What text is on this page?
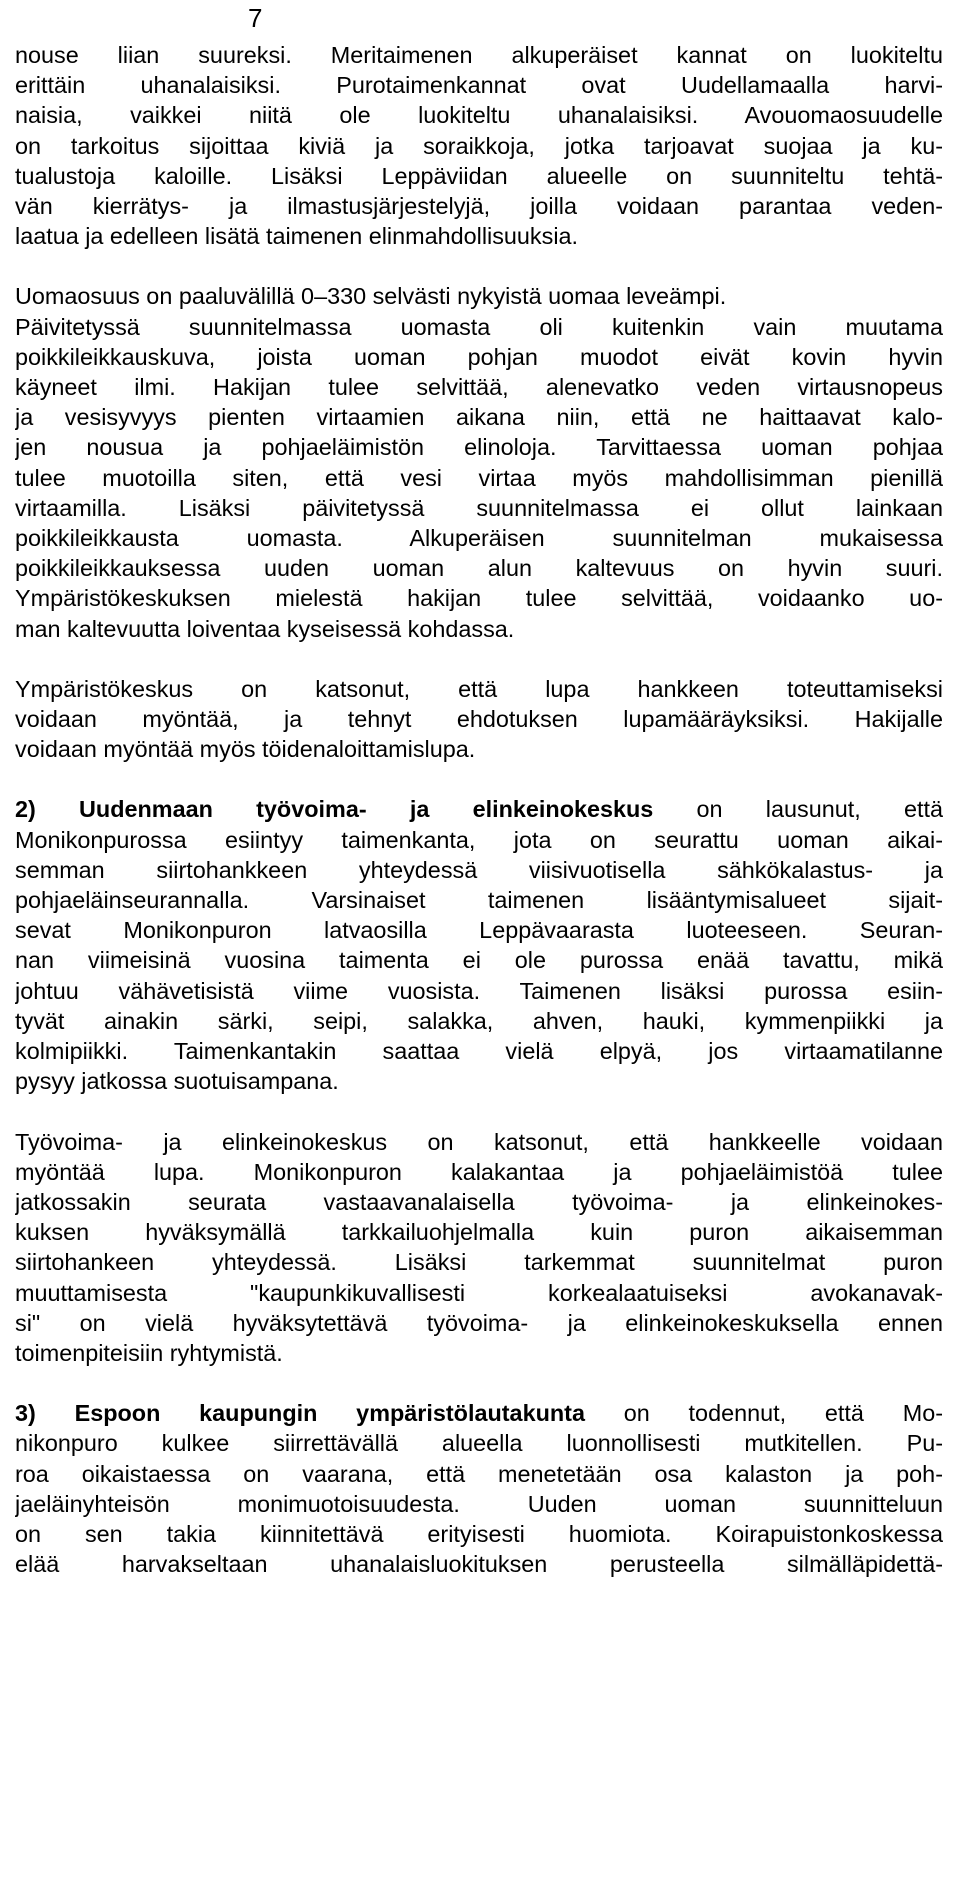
7

nouse liian suureksi. Meritaimenen alkuperäiset kannat on luokiteltu
erittäin uhanalaisiksi. Purotaimenkannat ovat Uudellamaalla harvi-
naisia, vaikkei niitä ole luokiteltu uhanalaisiksi. Avouomaosuudelle
on tarkoitus sijoittaa kiviä ja soraikkoja, jotka tarjoavat suojaa ja ku-
tualustoja kaloille. Lisäksi Leppäviidan alueelle on suunniteltu tehtä-
vän kierrätys- ja ilmastusjärjestelyjä, joilla voidaan parantaa veden-
laatua ja edelleen lisätä taimenen elinmahdollisuuksia.

Uomaosuus on paaluvälillä 0‒330 selvästi nykyistä uomaa leveämpi.
Päivitetyssä suunnitelmassa uomasta oli kuitenkin vain muutama
poikkileikkauskuva, joista uoman pohjan muodot eivät kovin hyvin
käyneet ilmi. Hakijan tulee selvittää, alenevatko veden virtausnopeus
ja vesisyvyys pienten virtaamien aikana niin, että ne haittaavat kalo-
jen nousua ja pohjaeläimistön elinoloja. Tarvittaessa uoman pohjaa
tulee muotoilla siten, että vesi virtaa myös mahdollisimman pienillä
virtaamilla. Lisäksi päivitetyssä suunnitelmassa ei ollut lainkaan
poikkileikkausta uomasta. Alkuperäisen suunnitelman mukaisessa
poikkileikkauksessa uuden uoman alun kaltevuus on hyvin suuri.
Ympäristökeskuksen mielestä hakijan tulee selvittää, voidaanko uo-
man kaltevuutta loiventaa kyseisessä kohdassa.

Ympäristökeskus on katsonut, että lupa hankkeen toteuttamiseksi
voidaan myöntää, ja tehnyt ehdotuksen lupamääräyksiksi. Hakijalle
voidaan myöntää myös töidenaloittamislupa.

2) Uudenmaan työvoima- ja elinkeinokeskus on lausunut, että
Monikonpurossa esiintyy taimenkanta, jota on seurattu uoman aikai-
semman siirtohankkeen yhteydessä viisivuotisella sähkökalastus- ja
pohjaeläinseurannalla. Varsinaiset taimenen lisääntymisalueet sijait-
sevat Monikonpuron latvaosilla Leppävaarasta luoteeseen. Seuran-
nan viimeisinä vuosina taimenta ei ole purossa enää tavattu, mikä
johtuu vähävetisistä viime vuosista. Taimenen lisäksi purossa esiin-
tyvät ainakin särki, seipi, salakka, ahven, hauki, kymmenpiikki ja
kolmipiikki. Taimenkantakin saattaa vielä elpyä, jos virtaamatilanne
pysyy jatkossa suotuisampana.

Työvoima- ja elinkeinokeskus on katsonut, että hankkeelle voidaan
myöntää lupa. Monikonpuron kalakantaa ja pohjaeläimistöä tulee
jatkossakin seurata vastaavanalaisella työvoima- ja elinkeinokes-
kuksen hyväksymällä tarkkailuohjelmalla kuin puron aikaisemman
siirtohankeen yhteydessä. Lisäksi tarkemmat suunnitelmat puron
muuttamisesta "kaupunkikuvallisesti korkealaatuiseksi avokanavak-
si" on vielä hyväksytettävä työvoima- ja elinkeinokeskuksella ennen
toimenpiteisiin ryhtymistä.

3) Espoon kaupungin ympäristölautakunta on todennut, että Mo-
nikonpuro kulkee siirrettävällä alueella luonnollisesti mutkitellen. Pu-
roa oikaistaessa on vaarana, että menetetään osa kalaston ja poh-
jaeläinyhteisön monimuotoisuudesta. Uuden uoman suunnitteluun
on sen takia kiinnitettävä erityisesti huomiota. Koirapuistonkoskessa
elää harvakseltaan uhanalaisluokituksen perusteella silmälläpidettä-
